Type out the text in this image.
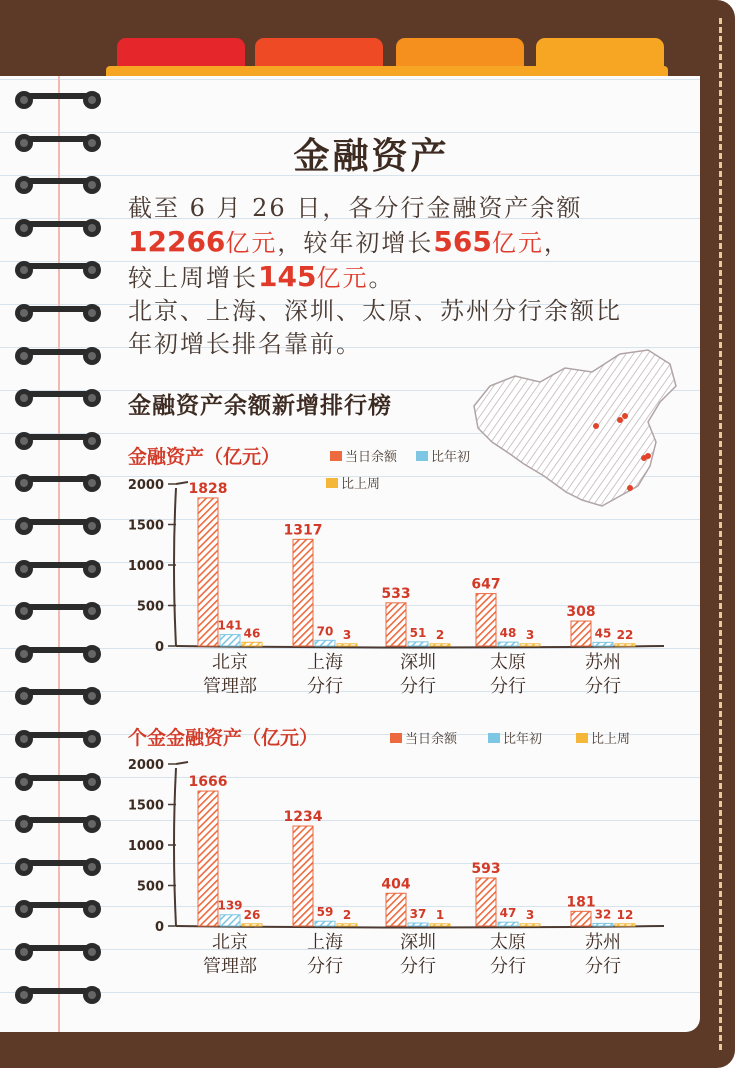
金融资产
截至 6 月 26 日，各分行金融资产余额
12266亿元，较年初增长565亿元，
较上周增长145亿元。
北京、上海、深圳、太原、苏州分行余额比年初增长排名靠前。
金融资产余额新增排行榜
金融资产（亿元）	当日余额	比年初
比上周
0
500
1000
1500
2000 1828
141
46
北京
管理部
1317
70 3
上海
分行
533
51 2
深圳
分行
647
48 3
太原
分行
308
45 22
苏州
分行
个金金融资产（亿元）	当日余额	比年初	比上周
0
500
1000
1500
2000
1666
139
26
北京
管理部
1234
59 2
上海
分行
404
37 1
深圳
分行
593
47 3
太原
分行
181
32 12
苏州
分行
